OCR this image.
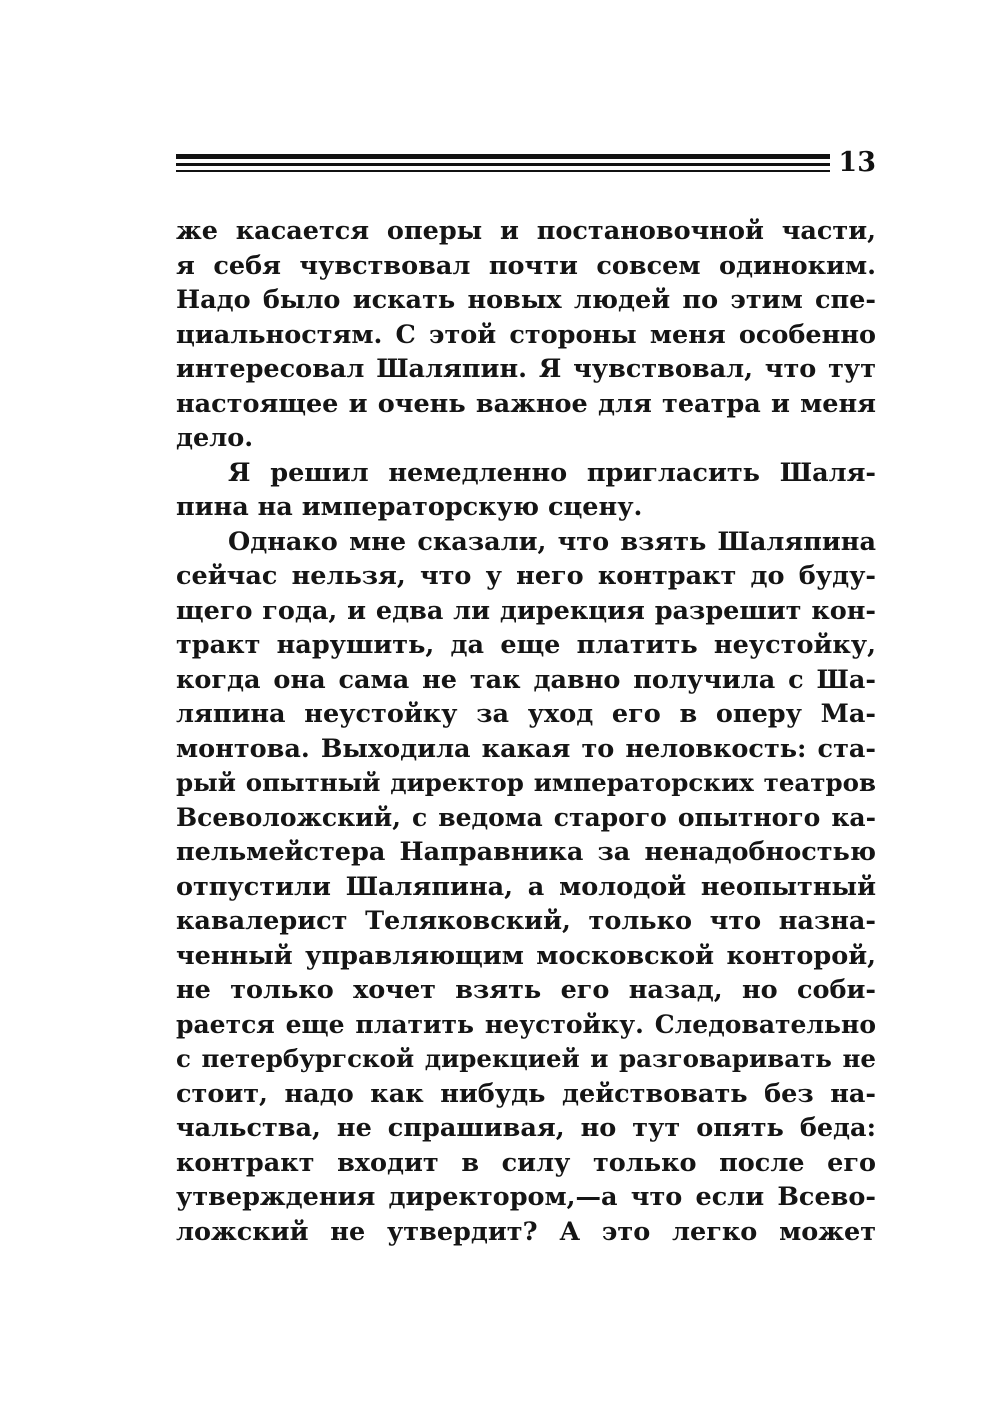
13
же касается оперы и постановочной части,
я себя чувствовал почти совсем одиноким.
Надо было искать новых людей по этим спе-
циальностям. С этой стороны меня особенно
интересовал Шаляпин. Я чувствовал, что тут
настоящее и очень важное для театра и меня
дело.
Я решил немедленно пригласить Шаля-
пина на императорскую сцену.
Однако мне сказали, что взять Шаляпина
сейчас нельзя, что у него контракт до буду-
щего года, и едва ли дирекция разрешит кон-
тракт нарушить, да еще платить неустойку,
когда она сама не так давно получила с Ша-
ляпина неустойку за уход его в оперу Ма-
монтова. Выходила какая то неловкость: ста-
рый опытный директор императорских театров
Всеволожский, с ведома старого опытного ка-
пельмейстера Направника за ненадобностью
отпустили Шаляпина, а молодой неопытный
кавалерист Теляковский, только что назна-
ченный управляющим московской конторой,
не только хочет взять его назад, но соби-
рается еще платить неустойку. Следовательно
с петербургской дирекцией и разговаривать не
стоит, надо как нибудь действовать без на-
чальства, не спрашивая, но тут опять беда:
контракт входит в силу только после его
утверждения директором,—а что если Всево-
ложский не утвердит? А это легко может
